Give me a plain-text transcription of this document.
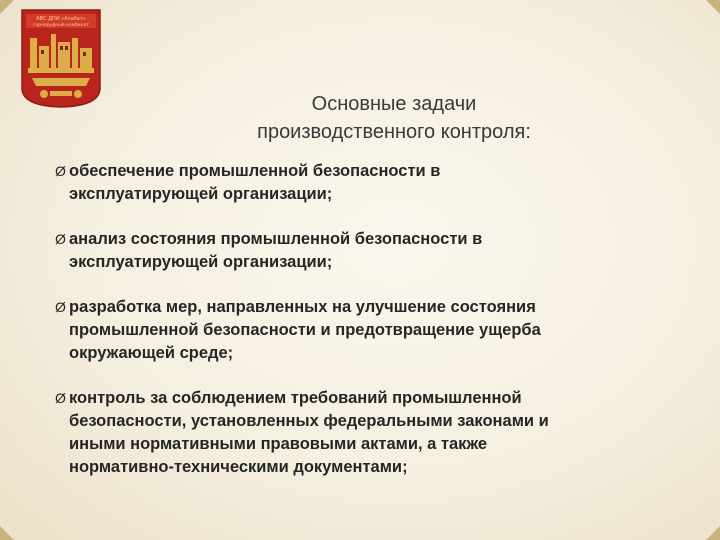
АВС ДПИ «Ачабат»
горнорудный комбинат
Основные задачи
производственного контроля:
Ø обеспечение промышленной безопасности в
эксплуатирующей организации;
Ø анализ состояния промышленной безопасности в
эксплуатирующей организации;
Ø разработка мер, направленных на улучшение состояния
промышленной безопасности и предотвращение ущерба
окружающей среде;
Ø контроль за соблюдением требований промышленной
безопасности, установленных федеральными законами и
иными нормативными правовыми актами, а также
нормативно-техническими документами;
